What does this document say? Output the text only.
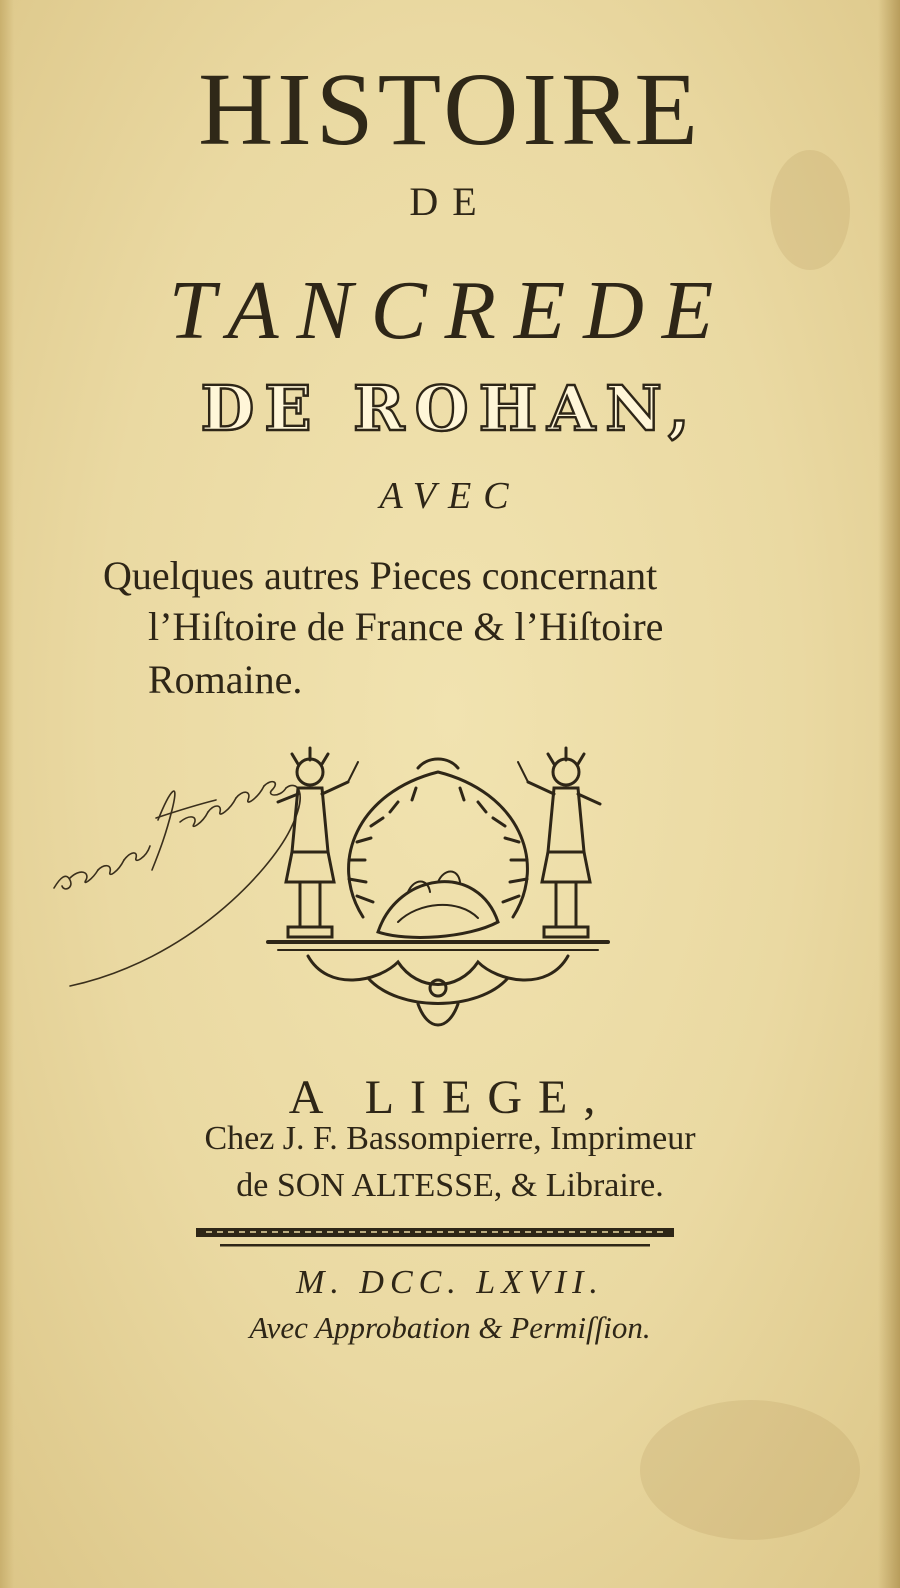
HISTOIRE
DE
TANCREDE
DE ROHAN,
AVEC
Quelques autres Pieces concernant
l’Hiſtoire de France & l’Hiſtoire
Romaine.
A LIEGE,
Chez J. F. Bassompierre, Imprimeur
de SON ALTESSE, & Libraire.
M. DCC. LXVII.
Avec Approbation & Permiſſion.
